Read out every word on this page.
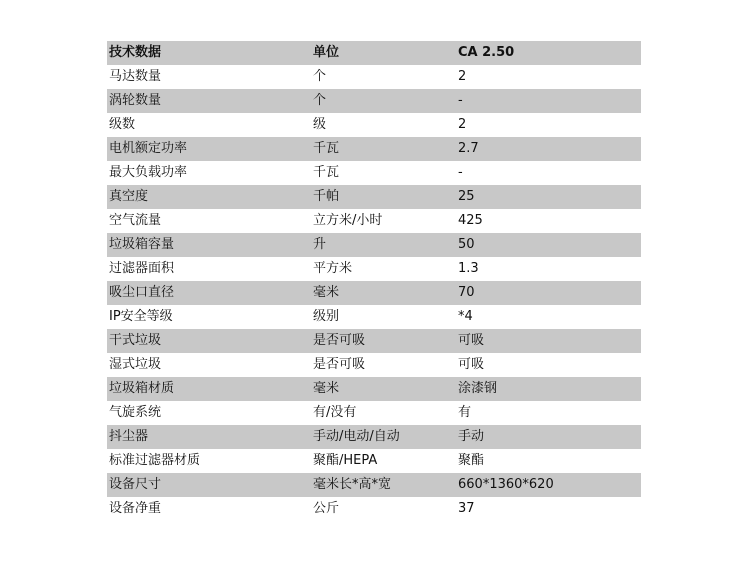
技术数据	单位	CA 2.50
马达数量	个	2
涡轮数量	个	-
级数	级	2
电机额定功率	千瓦	2.7
最大负载功率	千瓦	-
真空度	千帕	25
空气流量	立方米/小时	425
垃圾箱容量	升	50
过滤器面积	平方米	1.3
吸尘口直径	毫米	70
IP安全等级	级别	*4
干式垃圾	是否可吸	可吸
湿式垃圾	是否可吸	可吸
垃圾箱材质	毫米	涂漆钢
气旋系统	有/没有	有
抖尘器	手动/电动/自动	手动
标准过滤器材质	聚酯/HEPA	聚酯
设备尺寸	毫米长*高*宽	660*1360*620
设备净重	公斤	37
